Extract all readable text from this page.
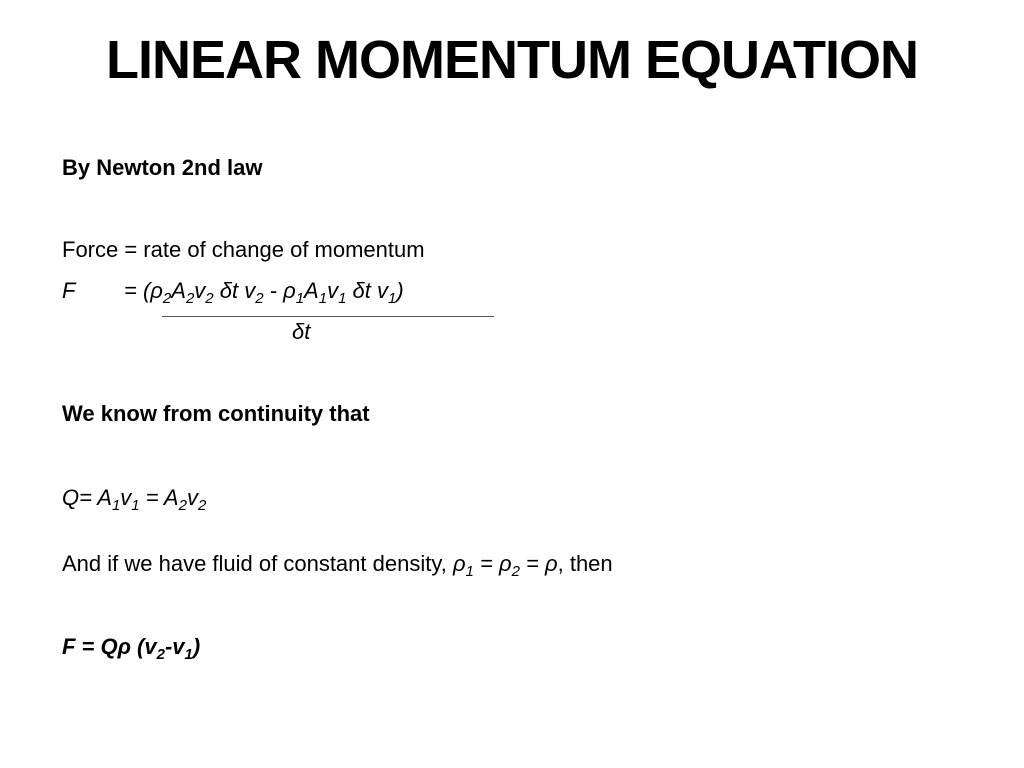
LINEAR MOMENTUM EQUATION
By Newton 2nd law
Force = rate of change of momentum
$F = (\rho_2A_2v_2$ δt $v_2 - \rho_1A_1v_1$ δt $v_1$)
δt
We know from continuity that
$Q= A_1v_1 = A_2v_2$
And if we have fluid of constant density, $\rho_1 = \rho_2 = \rho$, then
F = Qρ $(v_2-v_1)$
